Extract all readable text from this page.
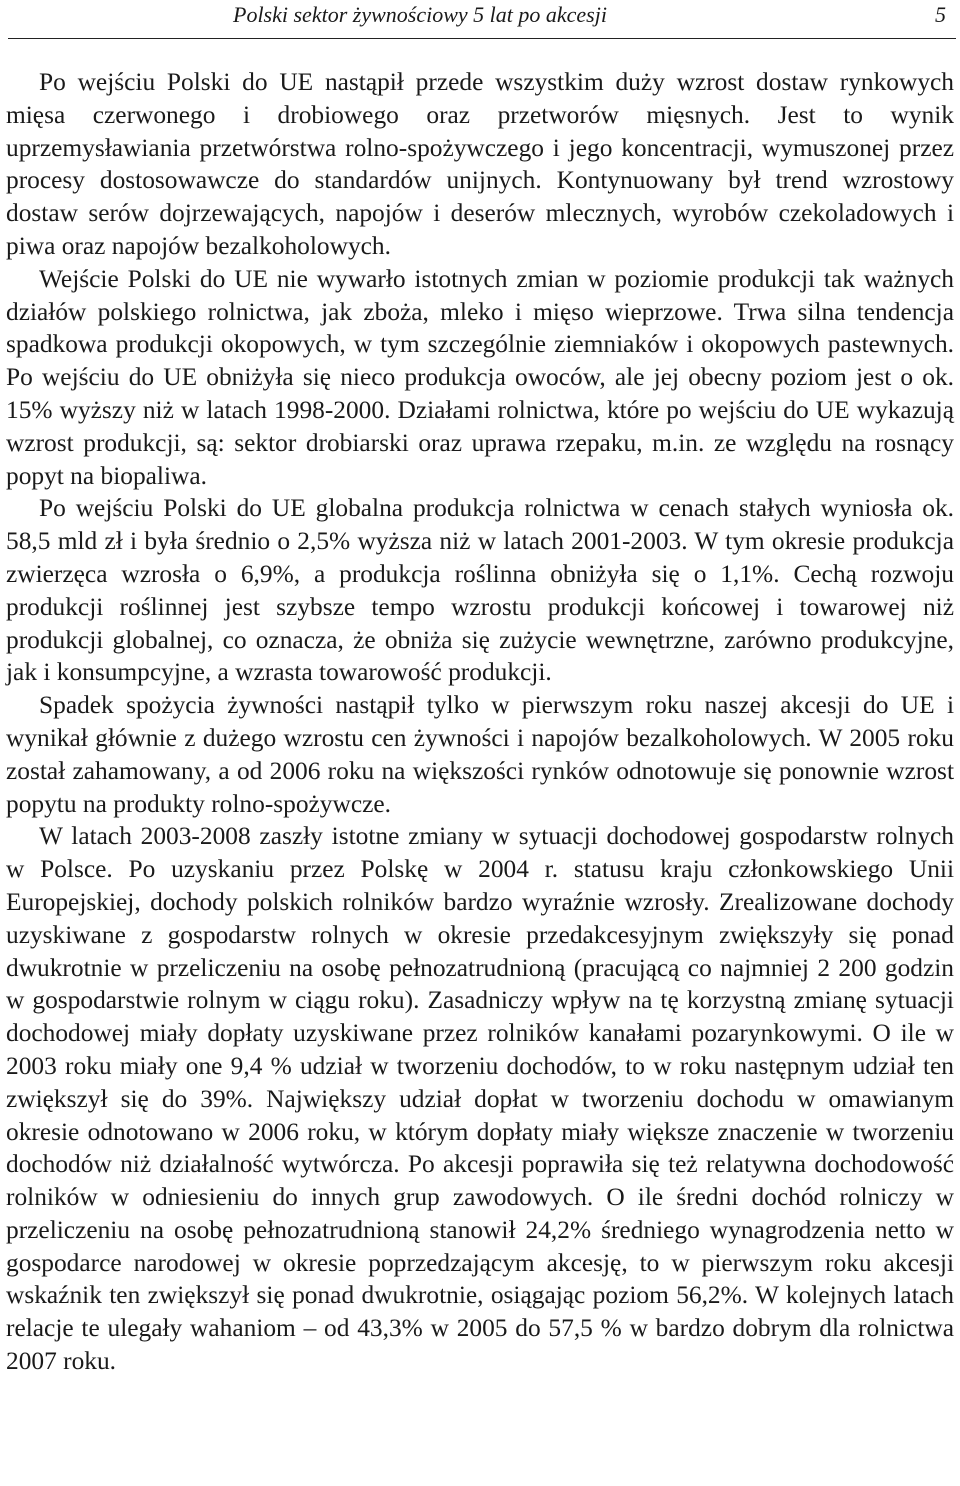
Polski sektor żywnościowy 5 lat po akcesji	5

Po wejściu Polski do UE nastąpił przede wszystkim duży wzrost dostaw rynkowych mięsa czerwonego i drobiowego oraz przetworów mięsnych. Jest to wynik uprzemysławiania przetwórstwa rolno-spożywczego i jego koncentracji, wymuszonej przez procesy dostosowawcze do standardów unijnych. Kontynuowany był trend wzrostowy dostaw serów dojrzewających, napojów i deserów mlecznych, wyrobów czekoladowych i piwa oraz napojów bezalkoholowych.

Wejście Polski do UE nie wywarło istotnych zmian w poziomie produkcji tak ważnych działów polskiego rolnictwa, jak zboża, mleko i mięso wieprzowe. Trwa silna tendencja spadkowa produkcji okopowych, w tym szczególnie ziemniaków i okopowych pastewnych. Po wejściu do UE obniżyła się nieco produkcja owoców, ale jej obecny poziom jest o ok. 15% wyższy niż w latach 1998-2000. Działami rolnictwa, które po wejściu do UE wykazują wzrost produkcji, są: sektor drobiarski oraz uprawa rzepaku, m.in. ze względu na rosnący popyt na biopaliwa.

Po wejściu Polski do UE globalna produkcja rolnictwa w cenach stałych wyniosła ok. 58,5 mld zł i była średnio o 2,5% wyższa niż w latach 2001-2003. W tym okresie produkcja zwierzęca wzrosła o 6,9%, a produkcja roślinna obniżyła się o 1,1%. Cechą rozwoju produkcji roślinnej jest szybsze tempo wzrostu produkcji końcowej i towarowej niż produkcji globalnej, co oznacza, że obniża się zużycie wewnętrzne, zarówno produkcyjne, jak i konsumpcyjne, a wzrasta towarowość produkcji.

Spadek spożycia żywności nastąpił tylko w pierwszym roku naszej akcesji do UE i wynikał głównie z dużego wzrostu cen żywności i napojów bezalkoholowych. W 2005 roku został zahamowany, a od 2006 roku na większości rynków odnotowuje się ponownie wzrost popytu na produkty rolno-spożywcze.

W latach 2003-2008 zaszły istotne zmiany w sytuacji dochodowej gospodarstw rolnych w Polsce. Po uzyskaniu przez Polskę w 2004 r. statusu kraju członkowskiego Unii Europejskiej, dochody polskich rolników bardzo wyraźnie wzrosły. Zrealizowane dochody uzyskiwane z gospodarstw rolnych w okresie przedakcesyjnym zwiększyły się ponad dwukrotnie w przeliczeniu na osobę pełnozatrudnioną (pracującą co najmniej 2 200 godzin w gospodarstwie rolnym w ciągu roku). Zasadniczy wpływ na tę korzystną zmianę sytuacji dochodowej miały dopłaty uzyskiwane przez rolników kanałami pozarynkowymi. O ile w 2003 roku miały one 9,4 % udział w tworzeniu dochodów, to w roku następnym udział ten zwiększył się do 39%. Największy udział dopłat w tworzeniu dochodu w omawianym okresie odnotowano w 2006 roku, w którym dopłaty miały większe znaczenie w tworzeniu dochodów niż działalność wytwórcza. Po akcesji poprawiła się też relatywna dochodowość rolników w odniesieniu do innych grup zawodowych. O ile średni dochód rolniczy w przeliczeniu na osobę pełnozatrudnioną stanowił 24,2% średniego wynagrodzenia netto w gospodarce narodowej w okresie poprzedzającym akcesję, to w pierwszym roku akcesji wskaźnik ten zwiększył się ponad dwukrotnie, osiągając poziom 56,2%. W kolejnych latach relacje te ulegały wahaniom – od 43,3% w 2005 do 57,5 % w bardzo dobrym dla rolnictwa 2007 roku.
